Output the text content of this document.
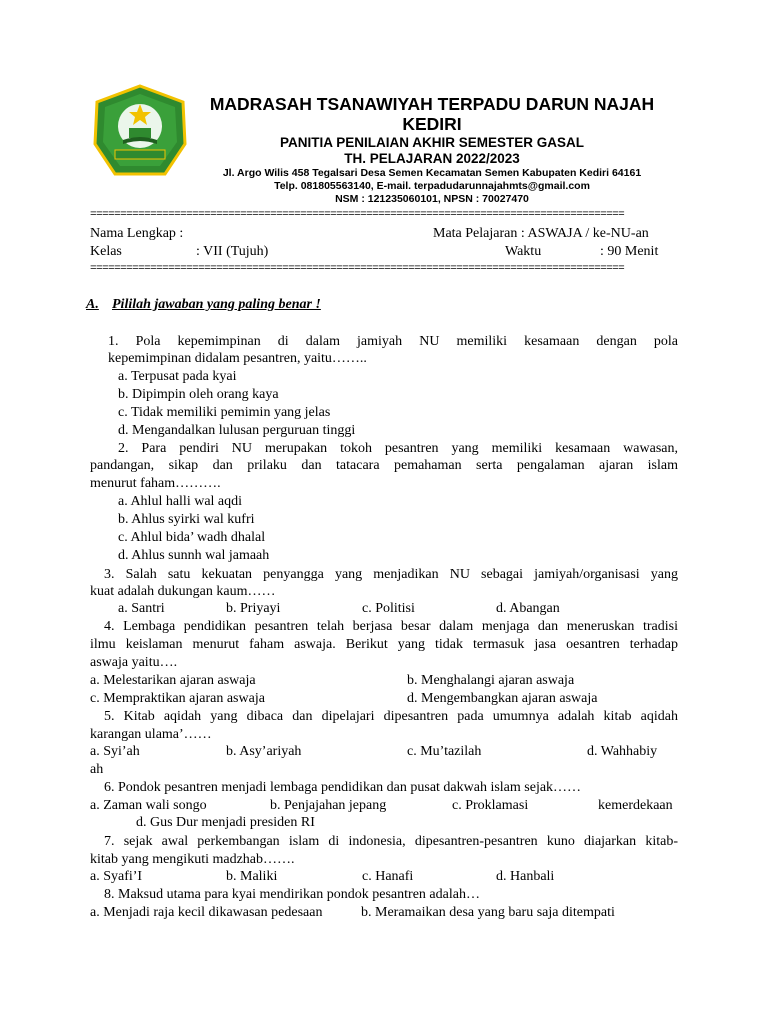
MADRASAH TSANAWIYAH TERPADU DARUN NAJAH
KEDIRI
PANITIA PENILAIAN AKHIR SEMESTER GASAL
TH. PELAJARAN 2022/2023
Jl. Argo Wilis 458 Tegalsari Desa Semen Kecamatan Semen Kabupaten Kediri 64161
Telp. 081805563140, E-mail. terpadudarunnajahmts@gmail.com
NSM : 121235060101, NPSN : 70027470
=========================================================================================
=========================================================================================
Nama Lengkap :	Mata Pelajaran : ASWAJA / ke-NU-an
Kelas	: VII (Tujuh)	Waktu	: 90 Menit
A. Pililah jawaban yang paling benar !
1. Pola kepemimpinan di dalam jamiyah NU memiliki kesamaan dengan pola
kepemimpinan didalam pesantren, yaitu……..
a. Terpusat pada kyai
b. Dipimpin oleh orang kaya
c. Tidak memiliki pemimin yang jelas
d. Mengandalkan lulusan perguruan tinggi
2. Para pendiri NU merupakan tokoh pesantren yang memiliki kesamaan wawasan,
pandangan, sikap dan prilaku dan tatacara pemahaman serta pengalaman ajaran islam
menurut faham……….
a. Ahlul halli wal aqdi
b. Ahlus syirki wal kufri
c. Ahlul bida’ wadh dhalal
d. Ahlus sunnh wal jamaah
3. Salah satu kekuatan penyangga yang menjadikan NU sebagai jamiyah/organisasi yang
kuat adalah dukungan kaum……
a. Santri	b. Priyayi	c. Politisi	d. Abangan
4. Lembaga pendidikan pesantren telah berjasa besar dalam menjaga dan meneruskan tradisi
ilmu keislaman menurut faham aswaja. Berikut yang tidak termasuk jasa oesantren terhadap
aswaja yaitu….
a. Melestarikan ajaran aswaja	b. Menghalangi ajaran aswaja
c. Mempraktikan ajaran aswaja	d. Mengembangkan ajaran aswaja
5. Kitab aqidah yang dibaca dan dipelajari dipesantren pada umumnya adalah kitab aqidah
karangan ulama’……
a. Syi’ah	b. Asy’ariyah	c. Mu’tazilah	d. Wahhabiy
ah
6. Pondok pesantren menjadi lembaga pendidikan dan pusat dakwah islam sejak……
a. Zaman wali songo	b. Penjajahan jepang	c. Proklamasi	kemerdekaan
d. Gus Dur menjadi presiden RI
7. sejak awal perkembangan islam di indonesia, dipesantren-pesantren kuno diajarkan kitab-
kitab yang mengikuti madzhab…….
a. Syafi’I	b. Maliki	c. Hanafi	d. Hanbali
8. Maksud utama para kyai mendirikan pondok pesantren adalah…
a. Menjadi raja kecil dikawasan pedesaan	b. Meramaikan desa yang baru saja ditempati
